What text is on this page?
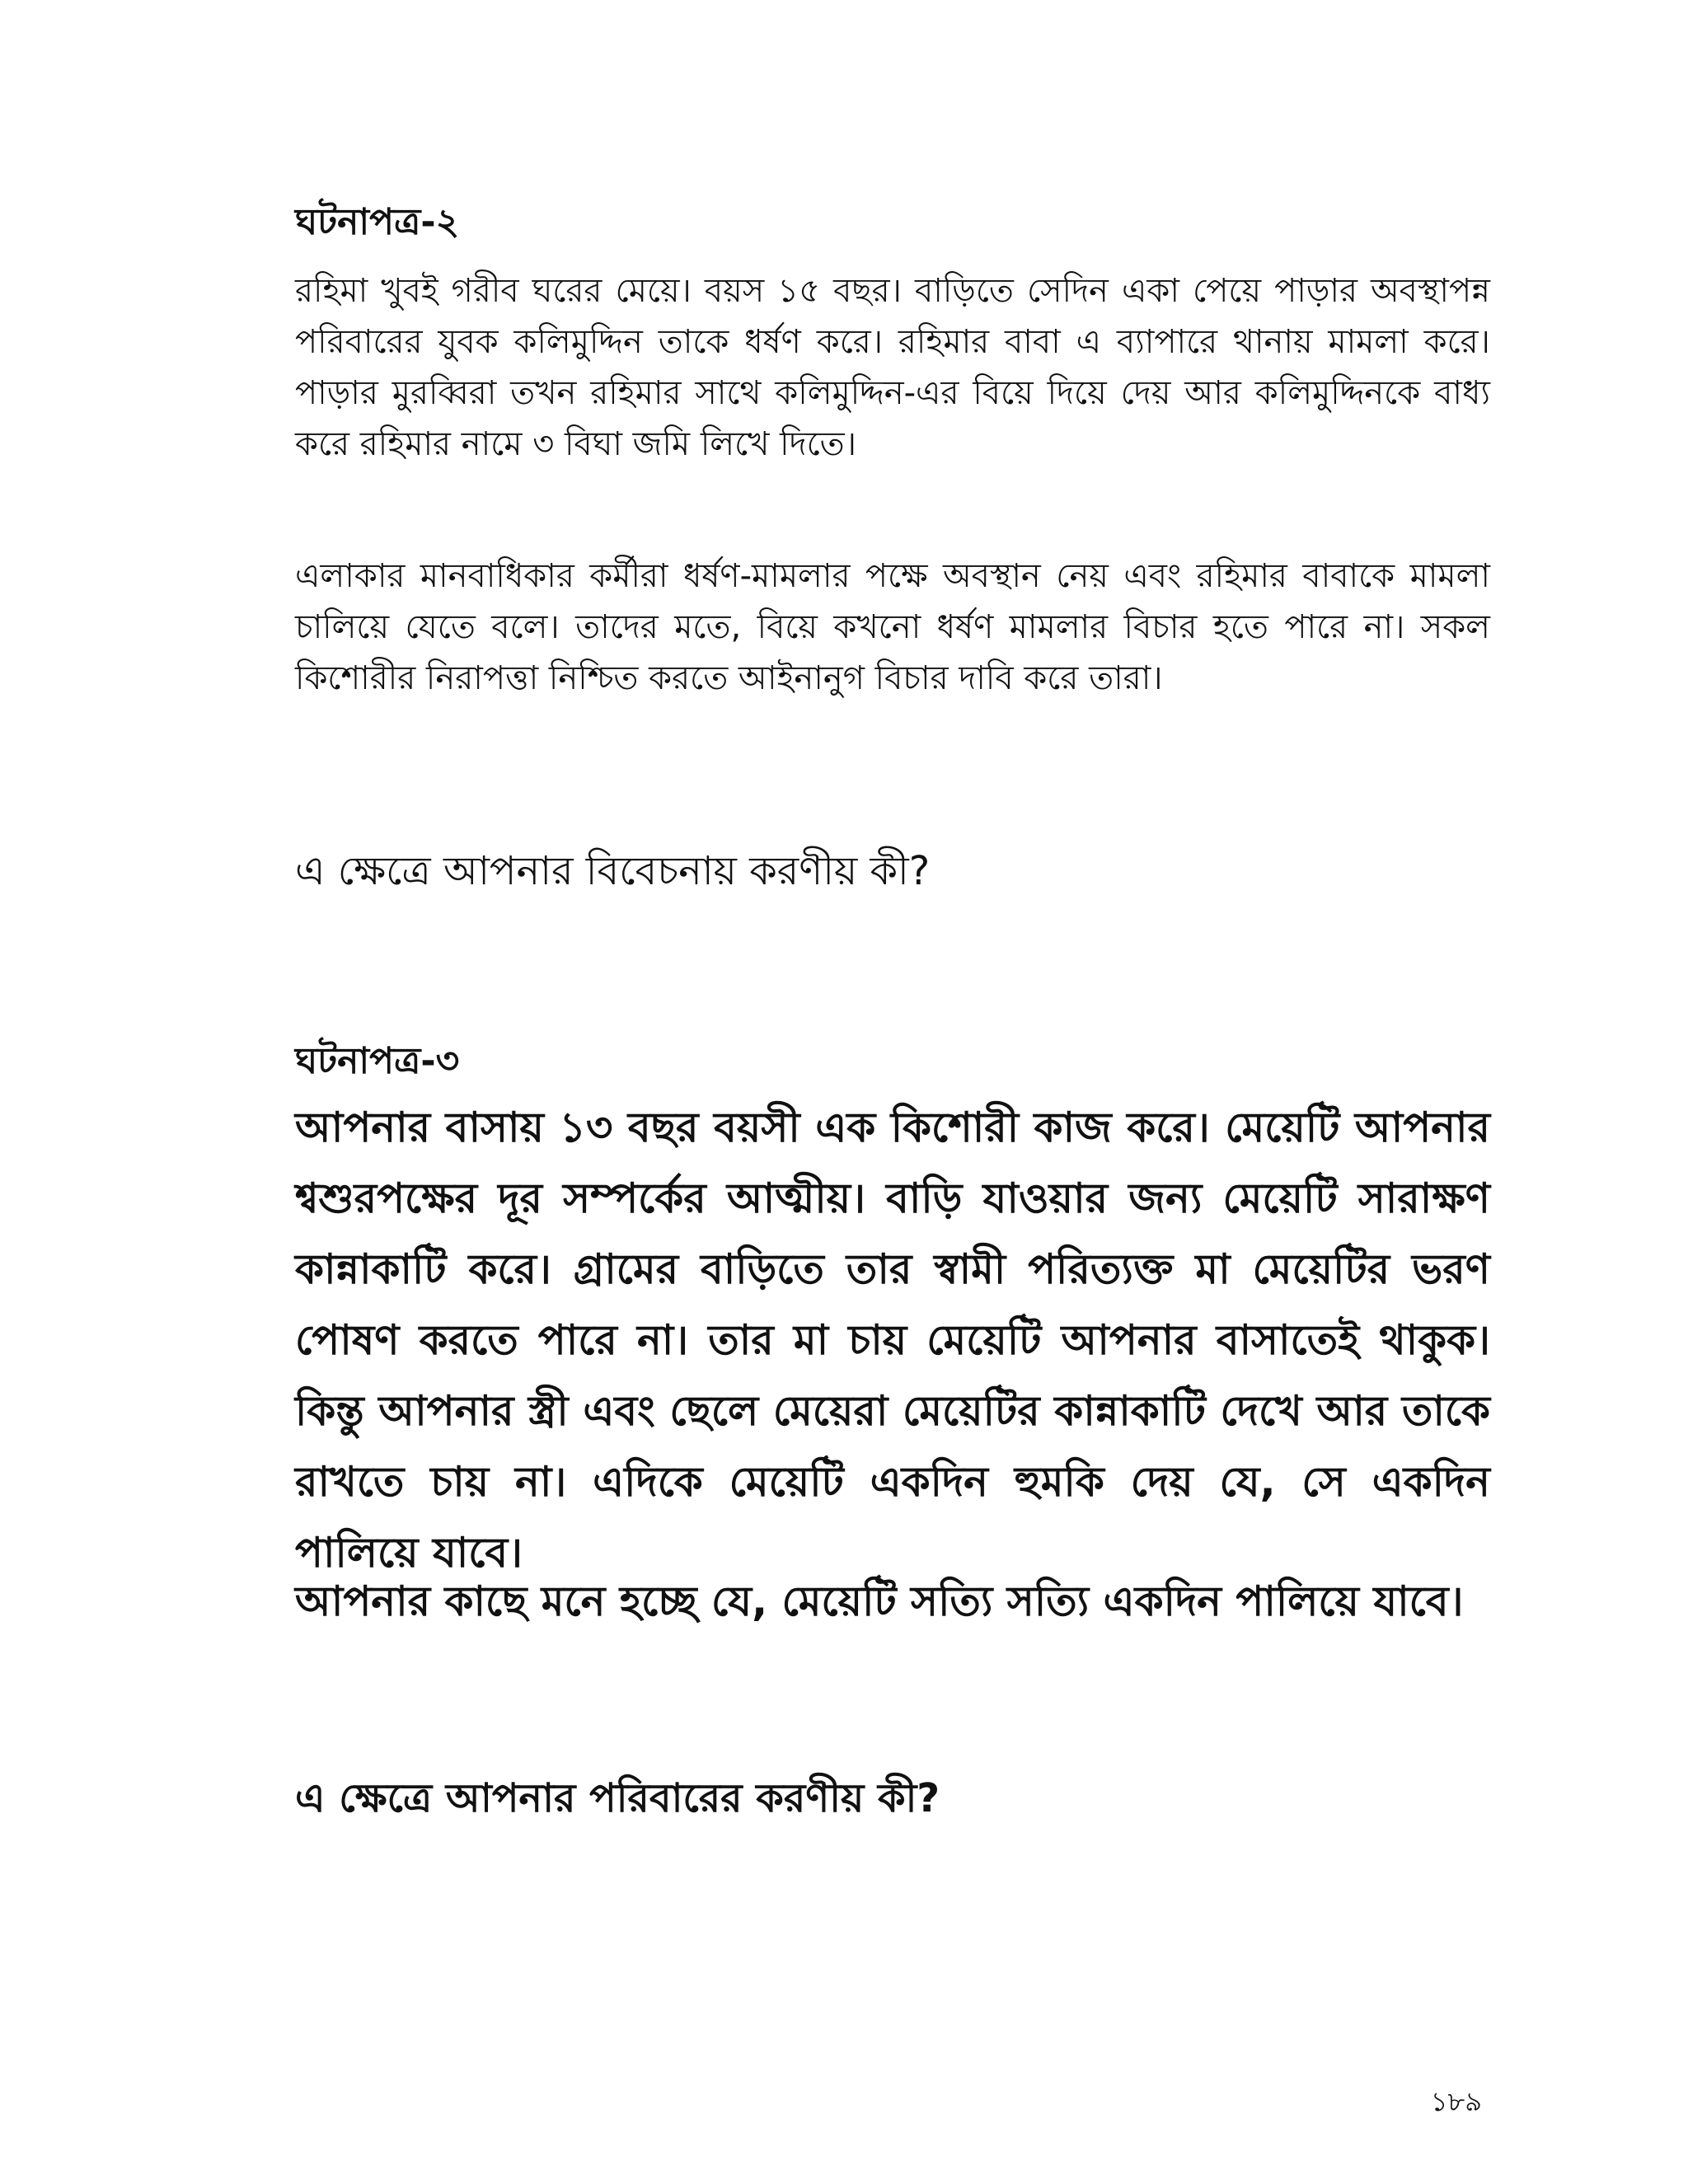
ঘটনাপত্র-২

রহিমা খুবই গরীব ঘরের মেয়ে। বয়স ১৫ বছর। বাড়িতে সেদিন একা পেয়ে পাড়ার অবস্থাপন্ন পরিবারের যুবক কলিমুদ্দিন তাকে ধর্ষণ করে। রহিমার বাবা এ ব্যাপারে থানায় মামলা করে। পাড়ার মুর‍ব্বিরা তখন রহিমার সাথে কলিমুদ্দিন-এর বিয়ে দিয়ে দেয় আর কলিমুদ্দিনকে বাধ্য করে রহিমার নামে ৩ বিঘা জমি লিখে দিতে।

এলাকার মানবাধিকার কর্মীরা ধর্ষণ-মামলার পক্ষে অবস্থান নেয় এবং রহিমার বাবাকে মামলা চালিয়ে যেতে বলে। তাদের মতে, বিয়ে কখনো ধর্ষণ মামলার বিচার হতে পারে না। সকল কিশোরীর নিরাপত্তা নিশ্চিত করতে আইনানুগ বিচার দাবি করে তারা।

এ ক্ষেত্রে আপনার বিবেচনায় করণীয় কী?

ঘটনাপত্র-৩

আপনার বাসায় ১৩ বছর বয়সী এক কিশোরী কাজ করে। মেয়েটি আপনার শ্বশুরপক্ষের দূর সম্পর্কের আত্মীয়। বাড়ি যাওয়ার জন্য মেয়েটি সারাক্ষণ কান্নাকাটি করে। গ্রামের বাড়িতে তার স্বামী পরিত্যক্ত মা মেয়েটির ভরণ পোষণ করতে পারে না। তার মা চায় মেয়েটি আপনার বাসাতেই থাকুক। কিন্তু আপনার স্ত্রী এবং ছেলে মেয়েরা মেয়েটির কান্নাকাটি দেখে আর তাকে রাখতে চায় না। এদিকে মেয়েটি একদিন হুমকি দেয় যে, সে একদিন পালিয়ে যাবে।

আপনার কাছে মনে হচ্ছে যে, মেয়েটি সত্যি সত্যি একদিন পালিয়ে যাবে।

এ ক্ষেত্রে আপনার পরিবারের করণীয় কী?

১৮৯
